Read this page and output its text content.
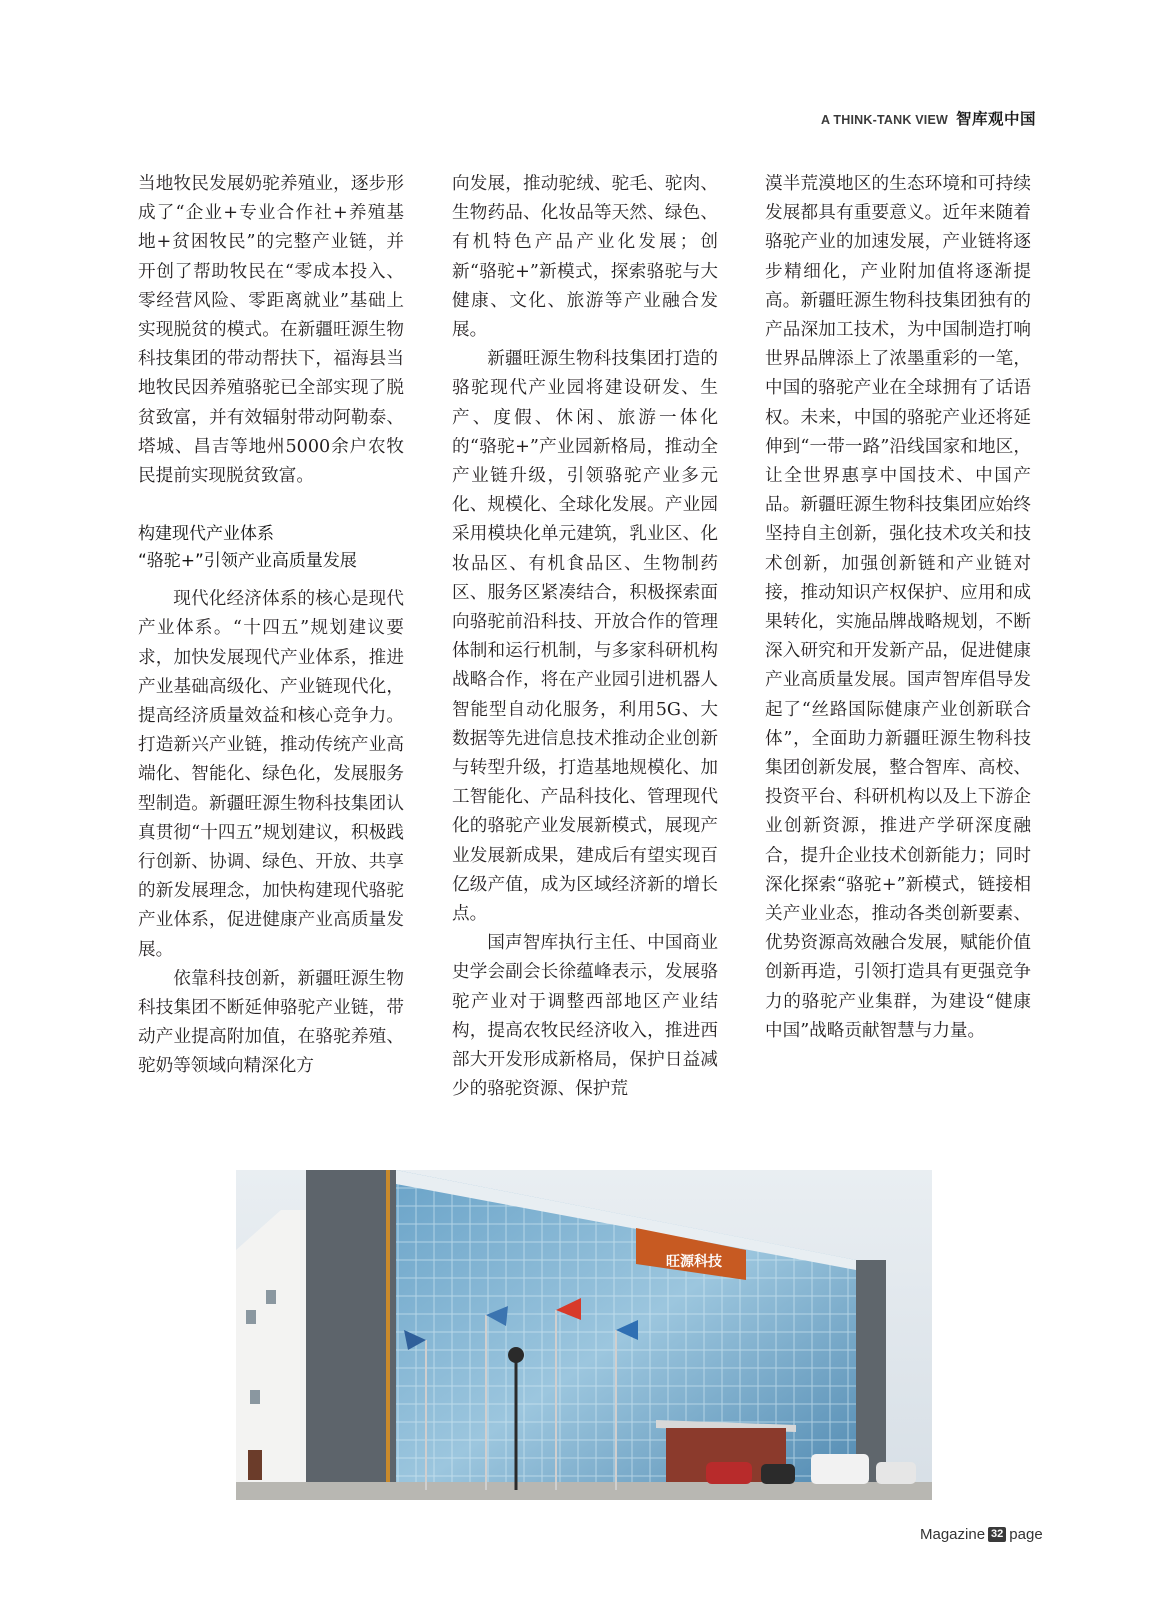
A THINK-TANK VIEW 智库观中国

当地牧民发展奶驼养殖业，逐步形成了“企业+专业合作社+养殖基地+贫困牧民”的完整产业链，并开创了帮助牧民在“零成本投入、零经营风险、零距离就业”基础上实现脱贫的模式。在新疆旺源生物科技集团的带动帮扶下，福海县当地牧民因养殖骆驼已全部实现了脱贫致富，并有效辐射带动阿勒泰、塔城、昌吉等地州5000余户农牧民提前实现脱贫致富。

构建现代产业体系
“骆驼+”引领产业高质量发展

现代化经济体系的核心是现代产业体系。“十四五”规划建议要求，加快发展现代产业体系，推进产业基础高级化、产业链现代化，提高经济质量效益和核心竞争力。打造新兴产业链，推动传统产业高端化、智能化、绿色化，发展服务型制造。新疆旺源生物科技集团认真贯彻“十四五”规划建议，积极践行创新、协调、绿色、开放、共享的新发展理念，加快构建现代骆驼产业体系，促进健康产业高质量发展。

依靠科技创新，新疆旺源生物科技集团不断延伸骆驼产业链，带动产业提高附加值，在骆驼养殖、驼奶等领域向精深化方

向发展，推动驼绒、驼毛、驼肉、生物药品、化妆品等天然、绿色、有机特色产品产业化发展；创新“骆驼+”新模式，探索骆驼与大健康、文化、旅游等产业融合发展。

新疆旺源生物科技集团打造的骆驼现代产业园将建设研发、生产、度假、休闲、旅游一体化的“骆驼+”产业园新格局，推动全产业链升级，引领骆驼产业多元化、规模化、全球化发展。产业园采用模块化单元建筑，乳业区、化妆品区、有机食品区、生物制药区、服务区紧凑结合，积极探索面向骆驼前沿科技、开放合作的管理体制和运行机制，与多家科研机构战略合作，将在产业园引进机器人智能型自动化服务，利用5G、大数据等先进信息技术推动企业创新与转型升级，打造基地规模化、加工智能化、产品科技化、管理现代化的骆驼产业发展新模式，展现产业发展新成果，建成后有望实现百亿级产值，成为区域经济新的增长点。

国声智库执行主任、中国商业史学会副会长徐蕴峰表示，发展骆驼产业对于调整西部地区产业结构，提高农牧民经济收入，推进西部大开发形成新格局，保护日益减少的骆驼资源、保护荒

漠半荒漠地区的生态环境和可持续发展都具有重要意义。近年来随着骆驼产业的加速发展，产业链将逐步精细化，产业附加值将逐渐提高。新疆旺源生物科技集团独有的产品深加工技术，为中国制造打响世界品牌添上了浓墨重彩的一笔，中国的骆驼产业在全球拥有了话语权。未来，中国的骆驼产业还将延伸到“一带一路”沿线国家和地区，让全世界惠享中国技术、中国产品。新疆旺源生物科技集团应始终坚持自主创新，强化技术攻关和技术创新，加强创新链和产业链对接，推动知识产权保护、应用和成果转化，实施品牌战略规划，不断深入研究和开发新产品，促进健康产业高质量发展。国声智库倡导发起了“丝路国际健康产业创新联合体”，全面助力新疆旺源生物科技集团创新发展，整合智库、高校、投资平台、科研机构以及上下游企业创新资源，推进产学研深度融合，提升企业技术创新能力；同时深化探索“骆驼+”新模式，链接相关产业业态，推动各类创新要素、优势资源高效融合发展，赋能价值创新再造，引领打造具有更强竞争力的骆驼产业集群，为建设“健康中国”战略贡献智慧与力量。

旺源科技
Magazine 32 page
